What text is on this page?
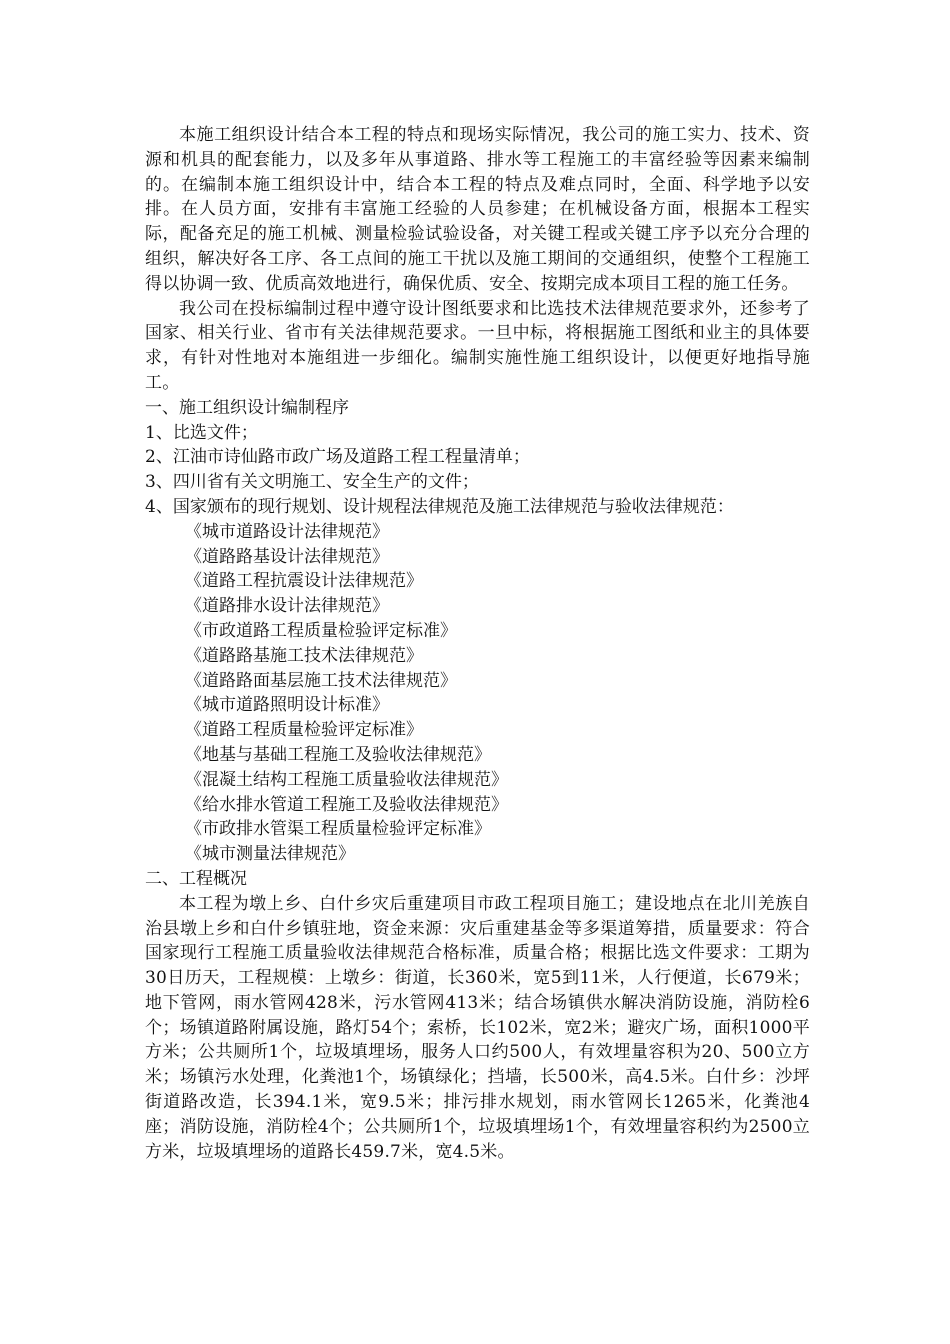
本施工组织设计结合本工程的特点和现场实际情况，我公司的施工实力、技术、资源和机具的配套能力，以及多年从事道路、排水等工程施工的丰富经验等因素来编制的。在编制本施工组织设计中，结合本工程的特点及难点同时，全面、科学地予以安排。在人员方面，安排有丰富施工经验的人员参建；在机械设备方面，根据本工程实际，配备充足的施工机械、测量检验试验设备，对关键工程或关键工序予以充分合理的组织，解决好各工序、各工点间的施工干扰以及施工期间的交通组织，使整个工程施工得以协调一致、优质高效地进行，确保优质、安全、按期完成本项目工程的施工任务。

我公司在投标编制过程中遵守设计图纸要求和比选技术法律规范要求外，还参考了国家、相关行业、省市有关法律规范要求。一旦中标，将根据施工图纸和业主的具体要求，有针对性地对本施组进一步细化。编制实施性施工组织设计，以便更好地指导施工。

一、施工组织设计编制程序

1、比选文件；

2、江油市诗仙路市政广场及道路工程工程量清单；

3、四川省有关文明施工、安全生产的文件；

4、国家颁布的现行规划、设计规程法律规范及施工法律规范与验收法律规范：

《城市道路设计法律规范》

《道路路基设计法律规范》

《道路工程抗震设计法律规范》

《道路排水设计法律规范》

《市政道路工程质量检验评定标准》

《道路路基施工技术法律规范》

《道路路面基层施工技术法律规范》

《城市道路照明设计标准》

《道路工程质量检验评定标准》

《地基与基础工程施工及验收法律规范》

《混凝土结构工程施工质量验收法律规范》

《给水排水管道工程施工及验收法律规范》

《市政排水管渠工程质量检验评定标准》

《城市测量法律规范》

二、工程概况

本工程为墩上乡、白什乡灾后重建项目市政工程项目施工；建设地点在北川羌族自治县墩上乡和白什乡镇驻地，资金来源：灾后重建基金等多渠道筹措，质量要求：符合国家现行工程施工质量验收法律规范合格标准，质量合格；根据比选文件要求：工期为30日历天，工程规模：上墩乡：街道，长360米，宽5到11米，人行便道，长679米；地下管网，雨水管网428米，污水管网413米；结合场镇供水解决消防设施，消防栓6个；场镇道路附属设施，路灯54个；索桥，长102米，宽2米；避灾广场，面积1000平方米；公共厕所1个，垃圾填埋场，服务人口约500人，有效埋量容积为20、500立方米；场镇污水处理，化粪池1个，场镇绿化；挡墙，长500米，高4.5米。白什乡：沙坪街道路改造，长394.1米，宽9.5米；排污排水规划，雨水管网长1265米，化粪池4座；消防设施，消防栓4个；公共厕所1个，垃圾填埋场1个，有效埋量容积约为2500立方米，垃圾填埋场的道路长459.7米，宽4.5米。
